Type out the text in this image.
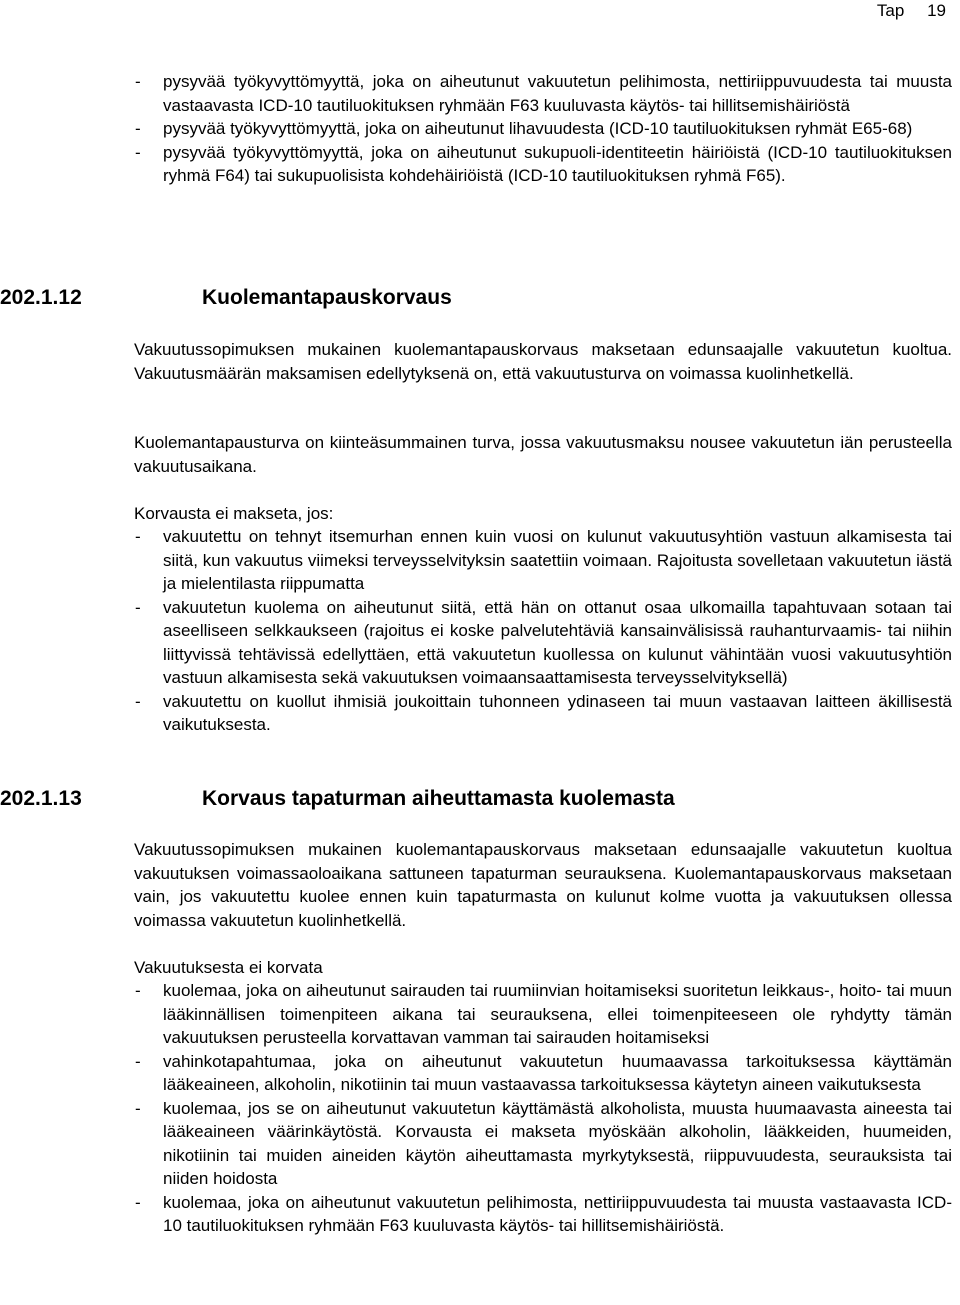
Tap 19
- pysyvää työkyvyttömyyttä, joka on aiheutunut vakuutetun pelihimosta, nettiriippuvuudesta tai muusta vastaavasta ICD-10 tautiluokituksen ryhmään F63 kuuluvasta käytös- tai hillitsemishäiriöstä
- pysyvää työkyvyttömyyttä, joka on aiheutunut lihavuudesta (ICD-10 tautiluokituksen ryhmät E65-68)
- pysyvää työkyvyttömyyttä, joka on aiheutunut sukupuoli-identiteetin häiriöistä (ICD-10 tautiluokituksen ryhmä F64) tai sukupuolisista kohdehäiriöistä (ICD-10 tautiluokituksen ryhmä F65).
202.1.12	Kuolemantapauskorvaus

Vakuutussopimuksen mukainen kuolemantapauskorvaus maksetaan edunsaajalle vakuutetun kuoltua. Vakuutusmäärän maksamisen edellytyksenä on, että vakuutusturva on voimassa kuolinhetkellä.

Kuolemantapausturva on kiinteäsummainen turva, jossa vakuutusmaksu nousee vakuutetun iän perusteella vakuutusaikana.

Korvausta ei makseta, jos:

- vakuutettu on tehnyt itsemurhan ennen kuin vuosi on kulunut vakuutusyhtiön vastuun alkamisesta tai siitä, kun vakuutus viimeksi terveysselvityksin saatettiin voimaan. Rajoitusta sovelletaan vakuutetun iästä ja mielentilasta riippumatta
- vakuutetun kuolema on aiheutunut siitä, että hän on ottanut osaa ulkomailla tapahtuvaan sotaan tai aseelliseen selkkaukseen (rajoitus ei koske palvelutehtäviä kansainvälisissä rauhanturvaamis- tai niihin liittyvissä tehtävissä edellyttäen, että vakuutetun kuollessa on kulunut vähintään vuosi vakuutusyhtiön vastuun alkamisesta sekä vakuutuksen voimaansaattamisesta terveysselvityksellä)
- vakuutettu on kuollut ihmisiä joukoittain tuhonneen ydinaseen tai muun vastaavan laitteen äkillisestä vaikutuksesta.
202.1.13	Korvaus tapaturman aiheuttamasta kuolemasta

Vakuutussopimuksen mukainen kuolemantapauskorvaus maksetaan edunsaajalle vakuutetun kuoltua vakuutuksen voimassaoloaikana sattuneen tapaturman seurauksena. Kuolemantapauskorvaus maksetaan vain, jos vakuutettu kuolee ennen kuin tapaturmasta on kulunut kolme vuotta ja vakuutuksen ollessa voimassa vakuutetun kuolinhetkellä.

Vakuutuksesta ei korvata

- kuolemaa, joka on aiheutunut sairauden tai ruumiinvian hoitamiseksi suoritetun leikkaus-, hoito- tai muun lääkinnällisen toimenpiteen aikana tai seurauksena, ellei toimenpiteeseen ole ryhdytty tämän vakuutuksen perusteella korvattavan vamman tai sairauden hoitamiseksi
- vahinkotapahtumaa, joka on aiheutunut vakuutetun huumaavassa tarkoituksessa käyttämän lääkeaineen, alkoholin, nikotiinin tai muun vastaavassa tarkoituksessa käytetyn aineen vaikutuksesta
- kuolemaa, jos se on aiheutunut vakuutetun käyttämästä alkoholista, muusta huumaavasta aineesta tai lääkeaineen väärinkäytöstä. Korvausta ei makseta myöskään alkoholin, lääkkeiden, huumeiden, nikotiinin tai muiden aineiden käytön aiheuttamasta myrkytyksestä, riippuvuudesta, seurauksista tai niiden hoidosta
- kuolemaa, joka on aiheutunut vakuutetun pelihimosta, nettiriippuvuudesta tai muusta vastaavasta ICD-10 tautiluokituksen ryhmään F63 kuuluvasta käytös- tai hillitsemishäiriöstä.
